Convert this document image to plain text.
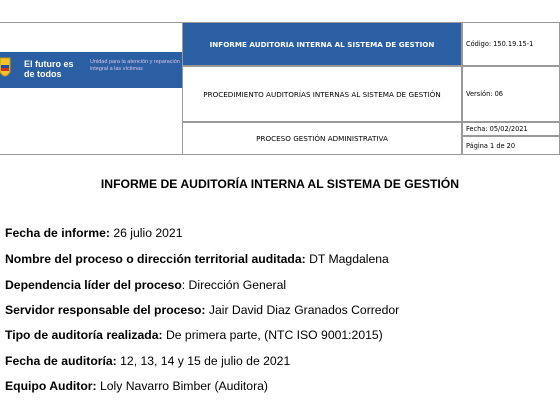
El futuro es de todos
Unidad para la atención y reparación integral a las víctimas
INFORME AUDITORIA INTERNA AL SISTEMA DE GESTION
PROCEDIMIENTO AUDITORÍAS INTERNAS AL SISTEMA DE GESTIÓN
PROCESO GESTIÓN ADMINISTRATIVA
Código: 150.19.15-1
Versión: 06
Fecha: 05/02/2021
Página 1 de 20
INFORME DE AUDITORÍA INTERNA AL SISTEMA DE GESTIÓN
Fecha de informe: 26 julio 2021
Nombre del proceso o dirección territorial auditada: DT Magdalena
Dependencia líder del proceso: Dirección General
Servidor responsable del proceso: Jair David Diaz Granados Corredor
Tipo de auditoría realizada: De primera parte, (NTC ISO 9001:2015)
Fecha de auditoría: 12, 13, 14 y 15 de julio de 2021
Equipo Auditor: Loly Navarro Bimber (Auditora)
